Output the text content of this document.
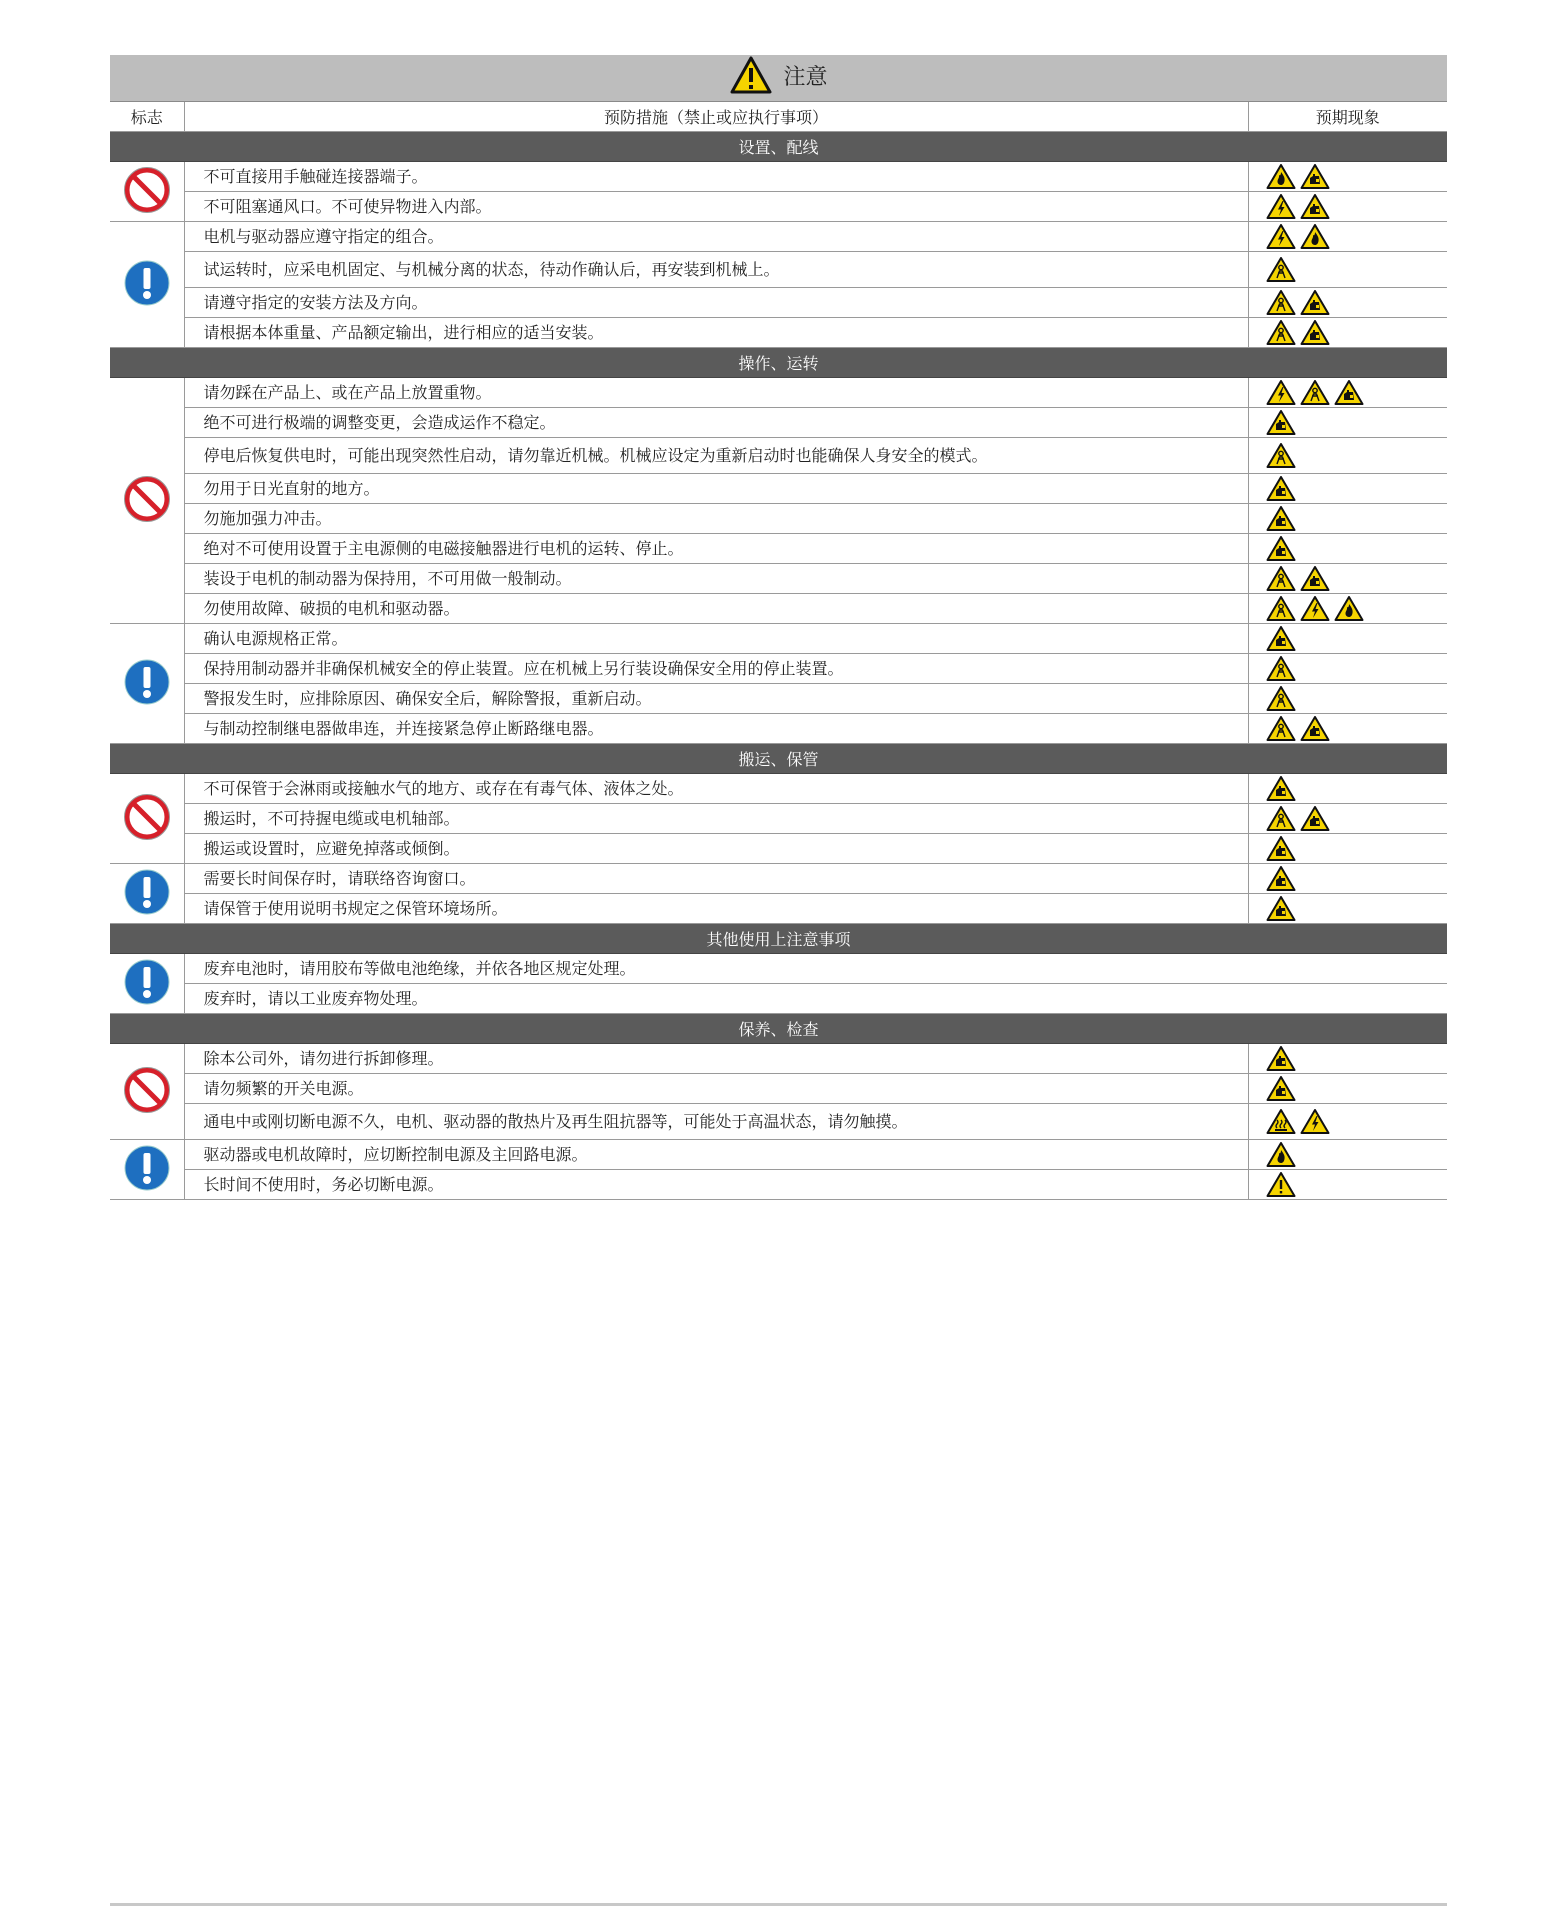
注意		

标志	预防措施（禁止或应执行事项）	预期现象
设置、配线		
	不可直接用手触碰连接器端子。	

	不可阻塞通风口。不可使异物进入内部。	

	电机与驱动器应遵守指定的组合。	

	试运转时，应采电机固定、与机械分离的状态，待动作确认后，再安装到机械上。	

	请遵守指定的安装方法及方向。	

	请根据本体重量、产品额定输出，进行相应的适当安装。	

操作、运转		
	请勿踩在产品上、或在产品上放置重物。	

	绝不可进行极端的调整变更，会造成运作不稳定。	

	停电后恢复供电时，可能出现突然性启动，请勿靠近机械。机械应设定为重新启动时也能确保人身安全的模式。	

	勿用于日光直射的地方。	

	勿施加强力冲击。	

	绝对不可使用设置于主电源侧的电磁接触器进行电机的运转、停止。	

	装设于电机的制动器为保持用，不可用做一般制动。	

	勿使用故障、破损的电机和驱动器。	

	确认电源规格正常。	

	保持用制动器并非确保机械安全的停止装置。应在机械上另行装设确保安全用的停止装置。	

	警报发生时，应排除原因、确保安全后，解除警报，重新启动。	

	与制动控制继电器做串连，并连接紧急停止断路继电器。	

搬运、保管		
	不可保管于会淋雨或接触水气的地方、或存在有毒气体、液体之处。	

	搬运时，不可持握电缆或电机轴部。	

	搬运或设置时，应避免掉落或倾倒。	

	需要长时间保存时，请联络咨询窗口。	

	请保管于使用说明书规定之保管环境场所。	

其他使用上注意事项		
	废弃电池时，请用胶布等做电池绝缘，并依各地区规定处理。	
	废弃时，请以工业废弃物处理。	
保养、检查		
	除本公司外，请勿进行拆卸修理。	

	请勿频繁的开关电源。	

	通电中或刚切断电源不久，电机、驱动器的散热片及再生阻抗器等，可能处于高温状态，请勿触摸。	

	驱动器或电机故障时，应切断控制电源及主回路电源。	

	长时间不使用时，务必切断电源。	
